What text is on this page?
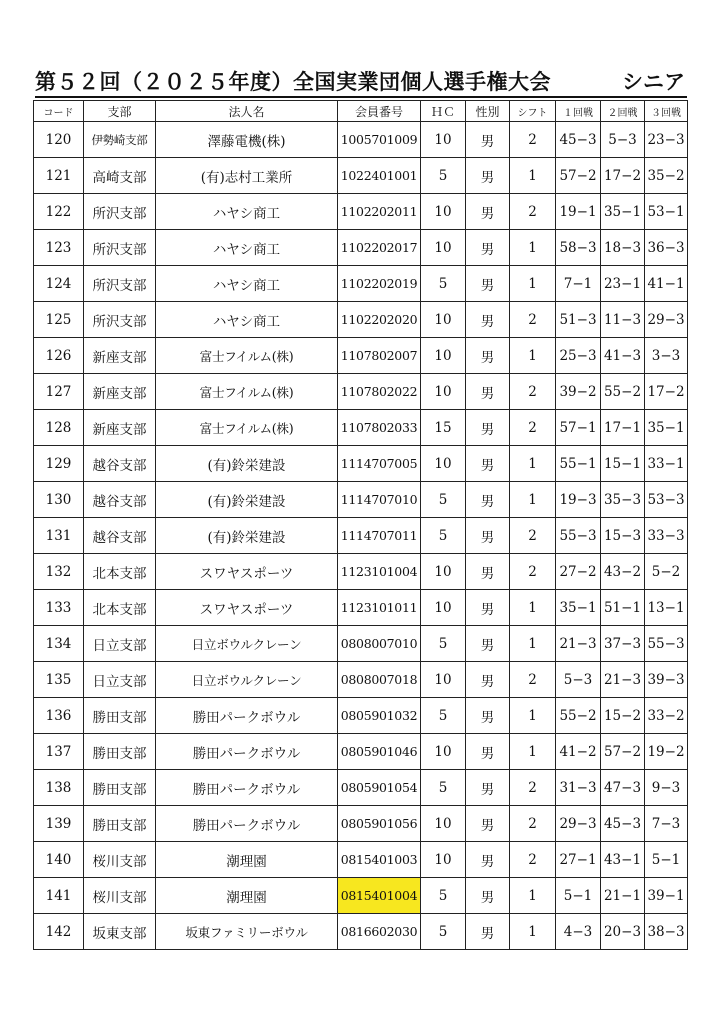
第５２回（２０２５年度）全国実業団個人選手権大会	シニア
コード	支部	法人名	会員番号	ＨＣ	性別	シフト	１回戦	２回戦	３回戦
120	伊勢崎支部	澤藤電機(株)	1005701009	10	男	2	45−3	5−3	23−3
121	高崎支部	(有)志村工業所	1022401001	5	男	1	57−2	17−2	35−2
122	所沢支部	ハヤシ商工	1102202011	10	男	2	19−1	35−1	53−1
123	所沢支部	ハヤシ商工	1102202017	10	男	1	58−3	18−3	36−3
124	所沢支部	ハヤシ商工	1102202019	5	男	1	7−1	23−1	41−1
125	所沢支部	ハヤシ商工	1102202020	10	男	2	51−3	11−3	29−3
126	新座支部	富士フイルム(株)	1107802007	10	男	1	25−3	41−3	3−3
127	新座支部	富士フイルム(株)	1107802022	10	男	2	39−2	55−2	17−2
128	新座支部	富士フイルム(株)	1107802033	15	男	2	57−1	17−1	35−1
129	越谷支部	(有)鈴栄建設	1114707005	10	男	1	55−1	15−1	33−1
130	越谷支部	(有)鈴栄建設	1114707010	5	男	1	19−3	35−3	53−3
131	越谷支部	(有)鈴栄建設	1114707011	5	男	2	55−3	15−3	33−3
132	北本支部	スワヤスポーツ	1123101004	10	男	2	27−2	43−2	5−2
133	北本支部	スワヤスポーツ	1123101011	10	男	1	35−1	51−1	13−1
134	日立支部	日立ボウルクレーン	0808007010	5	男	1	21−3	37−3	55−3
135	日立支部	日立ボウルクレーン	0808007018	10	男	2	5−3	21−3	39−3
136	勝田支部	勝田パークボウル	0805901032	5	男	1	55−2	15−2	33−2
137	勝田支部	勝田パークボウル	0805901046	10	男	1	41−2	57−2	19−2
138	勝田支部	勝田パークボウル	0805901054	5	男	2	31−3	47−3	9−3
139	勝田支部	勝田パークボウル	0805901056	10	男	2	29−3	45−3	7−3
140	桜川支部	潮理園	0815401003	10	男	2	27−1	43−1	5−1
141	桜川支部	潮理園	0815401004	5	男	1	5−1	21−1	39−1
142	坂東支部	坂東ファミリーボウル	0816602030	5	男	1	4−3	20−3	38−3
